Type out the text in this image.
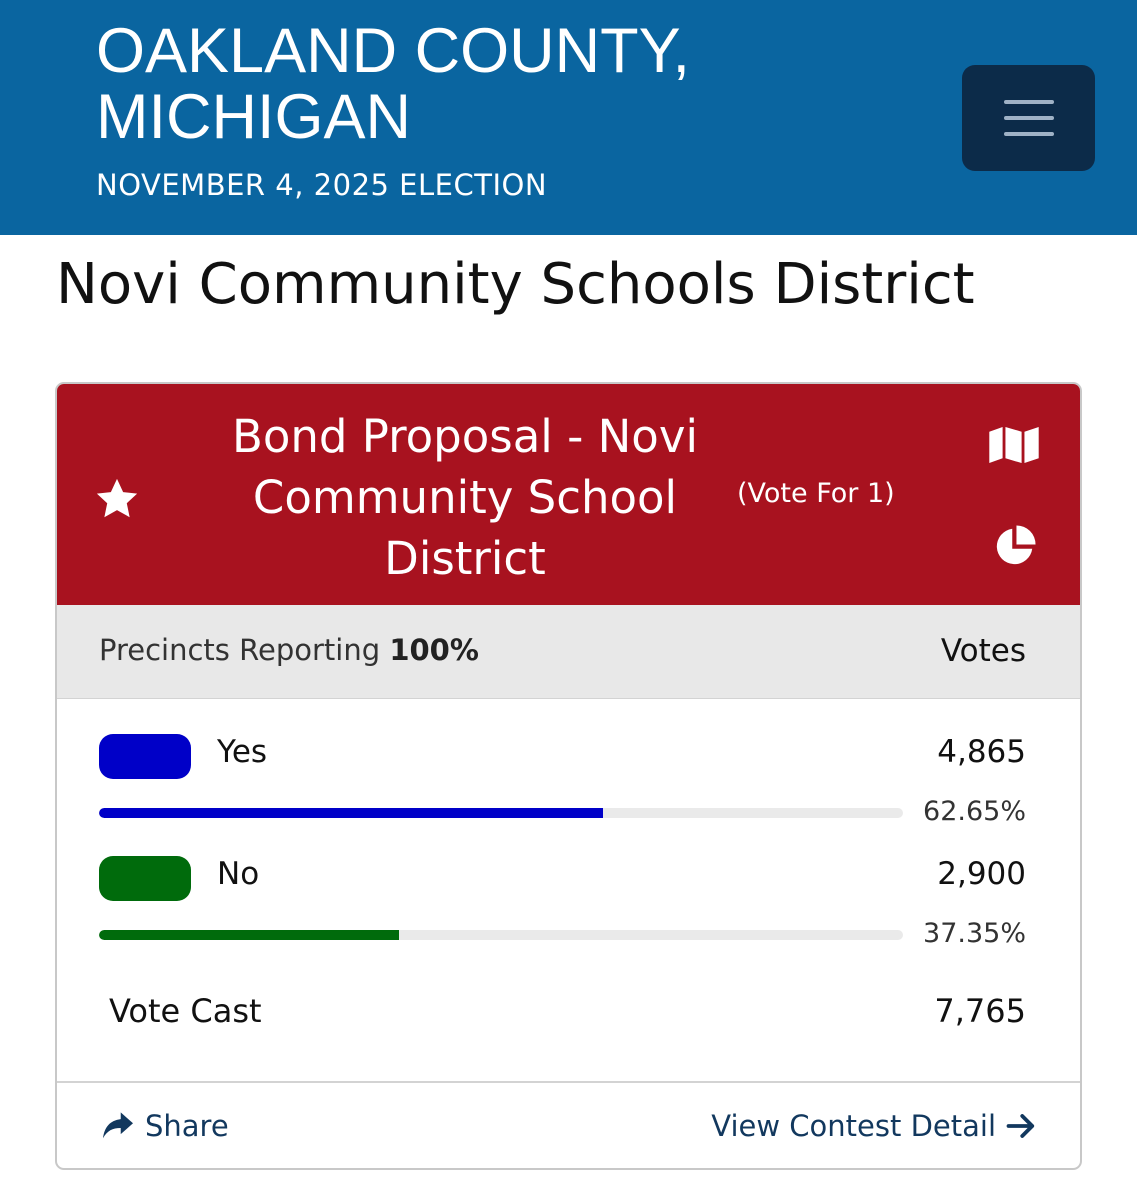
OAKLAND COUNTY, MICHIGAN
NOVEMBER 4, 2025 ELECTION
Novi Community Schools District
Bond Proposal - Novi Community School District
(Vote For 1)
Precincts Reporting 100%	Votes
Yes	4,865
62.65%
No	2,900
37.35%
Vote Cast	7,765
Share	View Contest Detail
